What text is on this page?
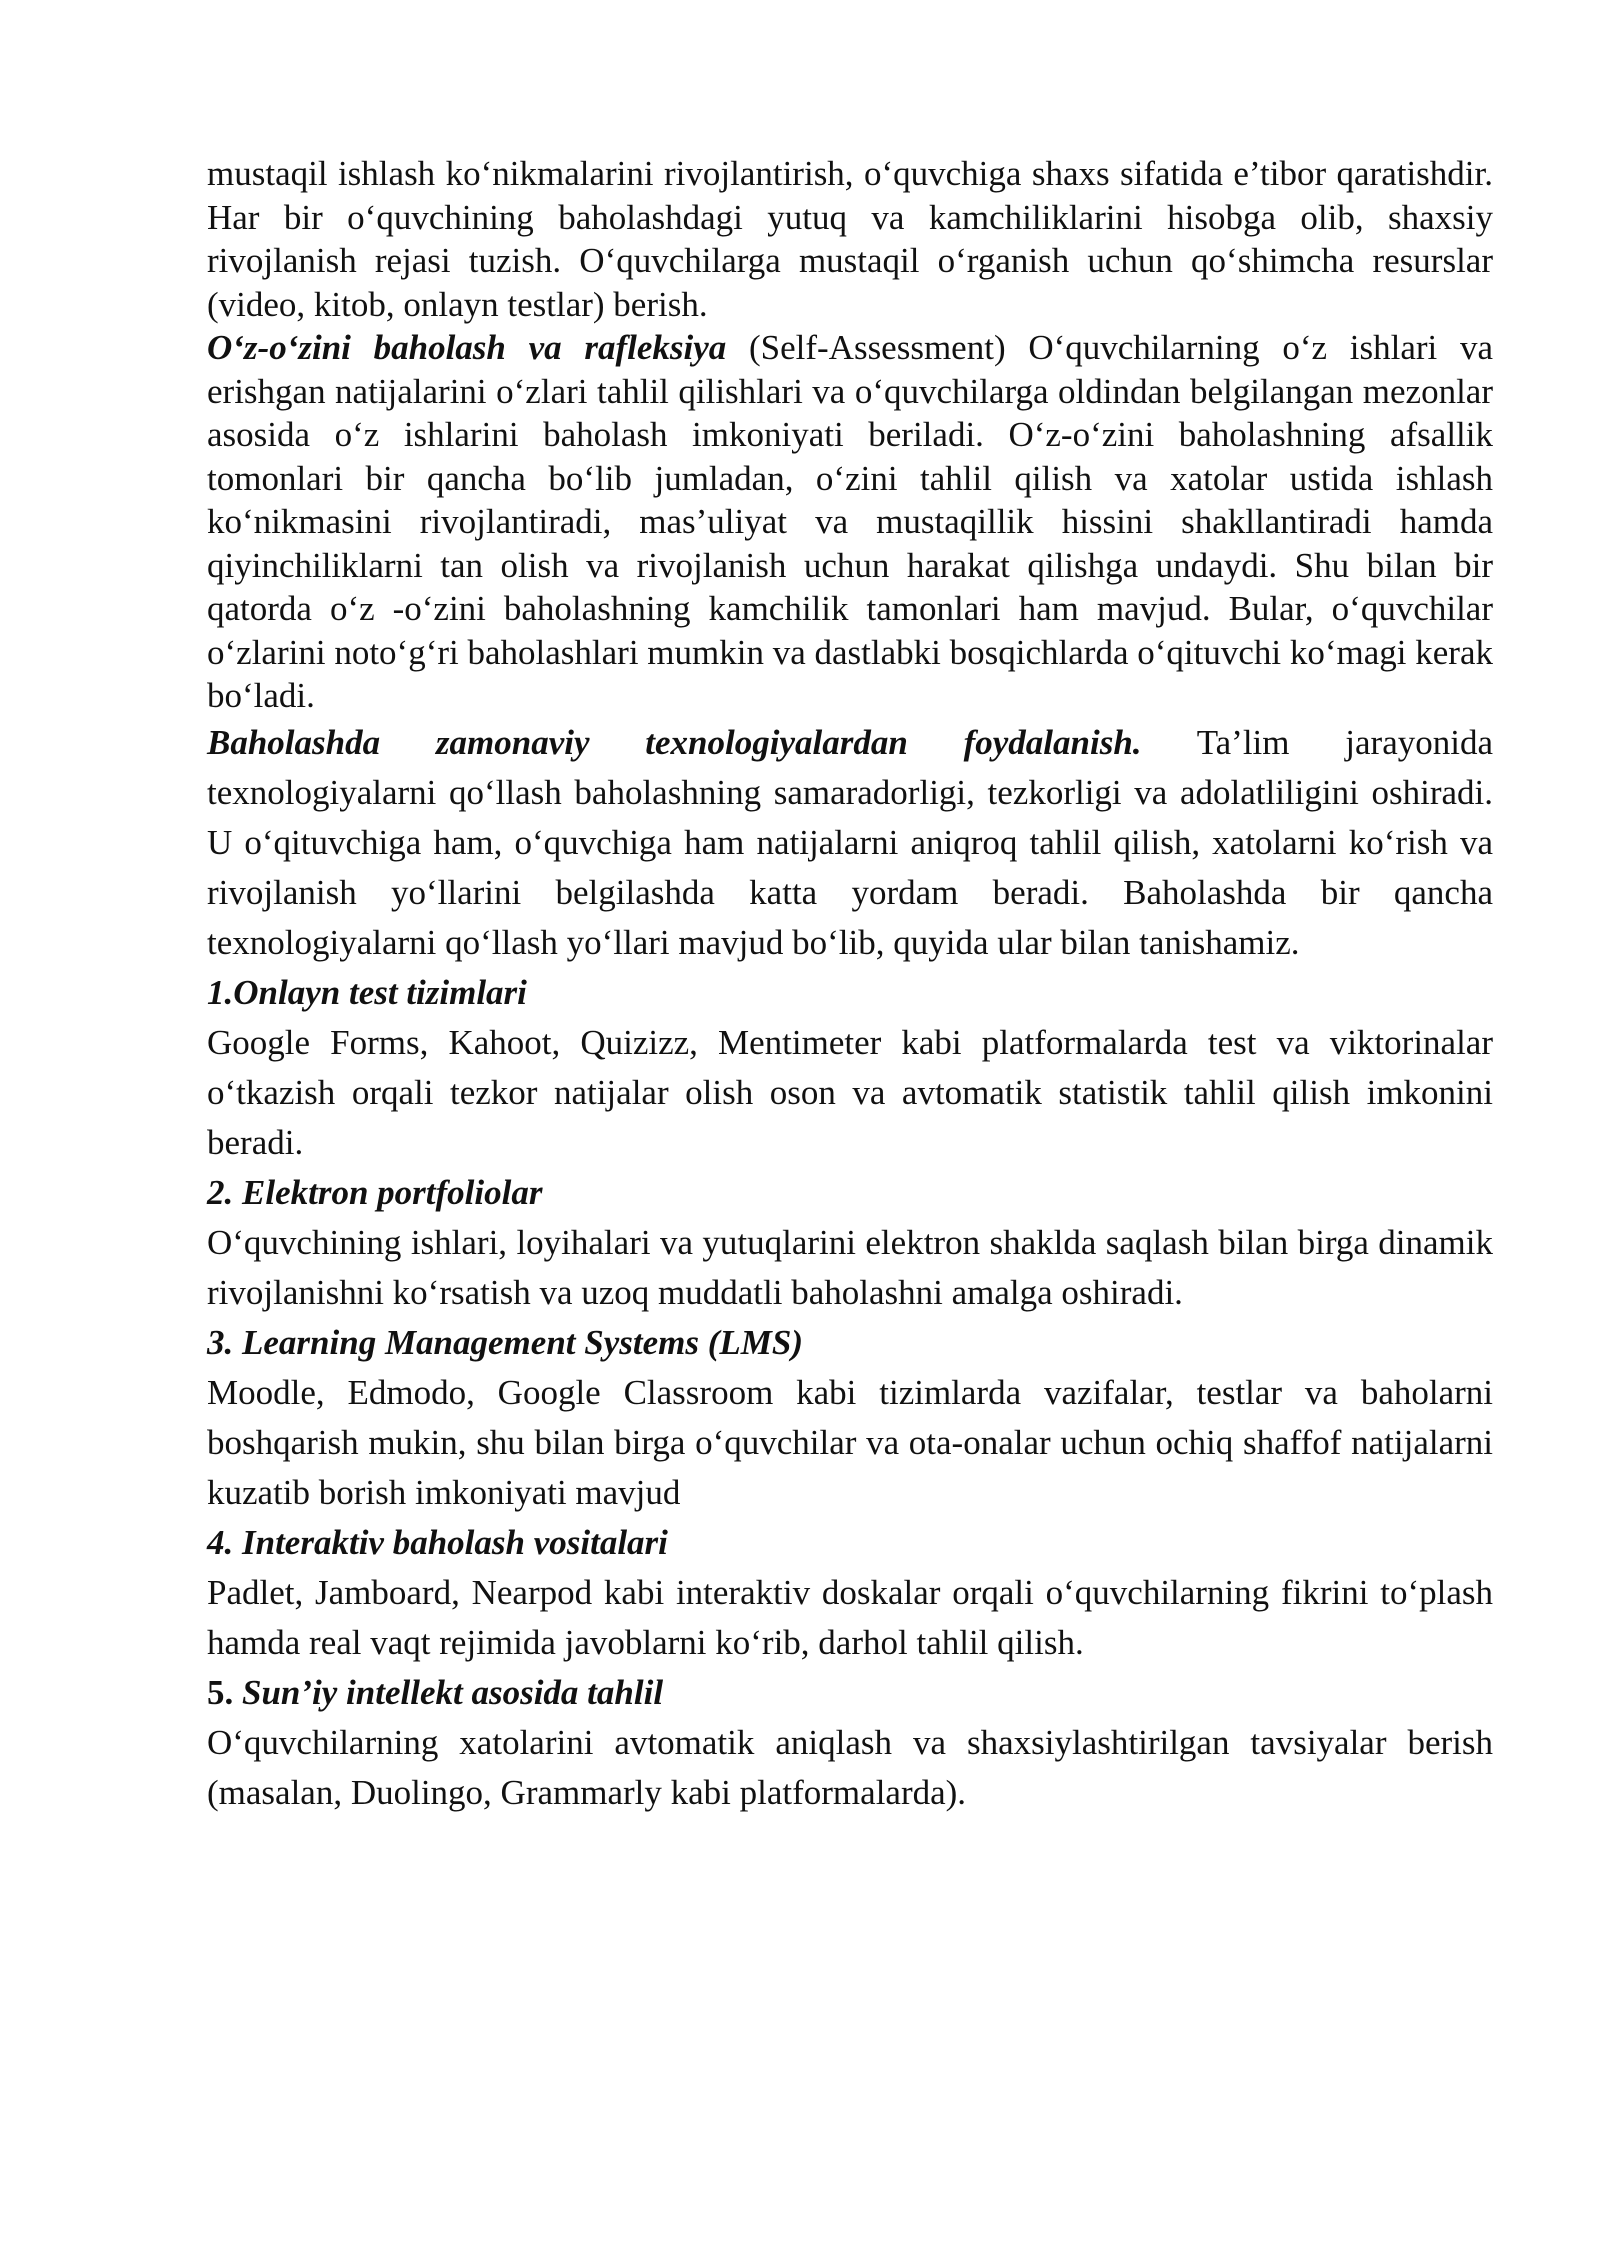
mustaqil ishlash ko‘nikmalarini rivojlantirish, o‘quvchiga shaxs sifatida e’tibor qaratishdir. Har bir o‘quvchining baholashdagi yutuq va kamchiliklarini hisobga olib, shaxsiy rivojlanish rejasi tuzish. O‘quvchilarga mustaqil o‘rganish uchun qo‘shimcha resurslar (video, kitob, onlayn testlar) berish.

O‘z-o‘zini baholash va rafleksiya (Self-Assessment) O‘quvchilarning o‘z ishlari va erishgan natijalarini o‘zlari tahlil qilishlari va o‘quvchilarga oldindan belgilangan mezonlar asosida o‘z ishlarini baholash imkoniyati beriladi. O‘z-o‘zini baholashning afsallik tomonlari bir qancha bo‘lib jumladan, o‘zini tahlil qilish va xatolar ustida ishlash ko‘nikmasini rivojlantiradi, mas’uliyat va mustaqillik hissini shakllantiradi hamda qiyinchiliklarni tan olish va rivojlanish uchun harakat qilishga undaydi. Shu bilan bir qatorda o‘z -o‘zini baholashning kamchilik tamonlari ham mavjud. Bular, o‘quvchilar o‘zlarini noto‘g‘ri baholashlari mumkin va dastlabki bosqichlarda o‘qituvchi ko‘magi kerak bo‘ladi.

Baholashda zamonaviy texnologiyalardan foydalanish. Ta’lim jarayonida texnologiyalarni qo‘llash baholashning samaradorligi, tezkorligi va adolatliligini oshiradi. U o‘qituvchiga ham, o‘quvchiga ham natijalarni aniqroq tahlil qilish, xatolarni ko‘rish va rivojlanish yo‘llarini belgilashda katta yordam beradi. Baholashda bir qancha texnologiyalarni qo‘llash yo‘llari mavjud bo‘lib, quyida ular bilan tanishamiz.

1.Onlayn test tizimlari

Google Forms, Kahoot, Quizizz, Mentimeter kabi platformalarda test va viktorinalar o‘tkazish orqali tezkor natijalar olish oson va avtomatik statistik tahlil qilish imkonini beradi.

2. Elektron portfoliolar

O‘quvchining ishlari, loyihalari va yutuqlarini elektron shaklda saqlash bilan birga dinamik rivojlanishni ko‘rsatish va uzoq muddatli baholashni amalga oshiradi.

3. Learning Management Systems (LMS)

Moodle, Edmodo, Google Classroom kabi tizimlarda vazifalar, testlar va baholarni boshqarish mukin, shu bilan birga o‘quvchilar va ota-onalar uchun ochiq shaffof natijalarni kuzatib borish imkoniyati mavjud

4. Interaktiv baholash vositalari

Padlet, Jamboard, Nearpod kabi interaktiv doskalar orqali o‘quvchilarning fikrini to‘plash hamda real vaqt rejimida javoblarni ko‘rib, darhol tahlil qilish.

5. Sun’iy intellekt asosida tahlil

O‘quvchilarning xatolarini avtomatik aniqlash va shaxsiylashtirilgan tavsiyalar berish (masalan, Duolingo, Grammarly kabi platformalarda).
